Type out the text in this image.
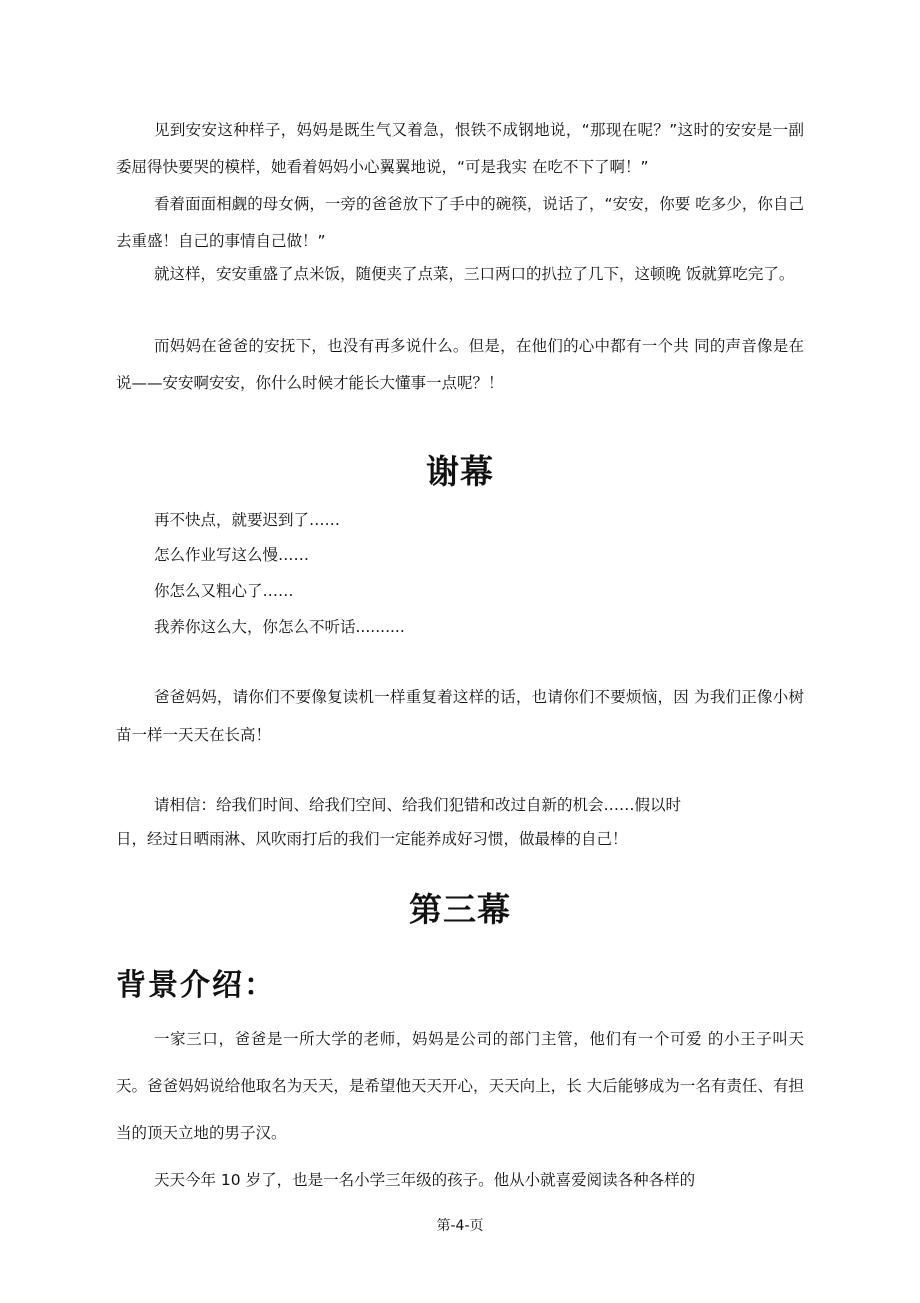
见到安安这种样子，妈妈是既生气又着急，恨铁不成钢地说，“那现在呢？”这时的安安是一副委屈得快要哭的模样，她看着妈妈小心翼翼地说，“可是我实 在吃不下了啊！”

看着面面相觑的母女俩，一旁的爸爸放下了手中的碗筷，说话了，“安安，你要 吃多少，你自己去重盛！自己的事情自己做！”

就这样，安安重盛了点米饭，随便夹了点菜，三口两口的扒拉了几下，这顿晚 饭就算吃完了。

而妈妈在爸爸的安抚下，也没有再多说什么。但是，在他们的心中都有一个共 同的声音像是在说——安安啊安安，你什么时候才能长大懂事一点呢？！

谢幕

再不快点，就要迟到了……

怎么作业写这么慢……

你怎么又粗心了……

我养你这么大，你怎么不听话..........

爸爸妈妈，请你们不要像复读机一样重复着这样的话，也请你们不要烦恼，因 为我们正像小树苗一样一天天在长高！

请相信：给我们时间、给我们空间、给我们犯错和改过自新的机会……假以时

日，经过日晒雨淋、风吹雨打后的我们一定能养成好习惯，做最棒的自己！

第三幕
背景介绍：

一家三口，爸爸是一所大学的老师，妈妈是公司的部门主管，他们有一个可爱 的小王子叫天天。爸爸妈妈说给他取名为天天，是希望他天天开心，天天向上，长 大后能够成为一名有责任、有担当的顶天立地的男子汉。

天天今年 10 岁了，也是一名小学三年级的孩子。他从小就喜爱阅读各种各样的

第-4-页
